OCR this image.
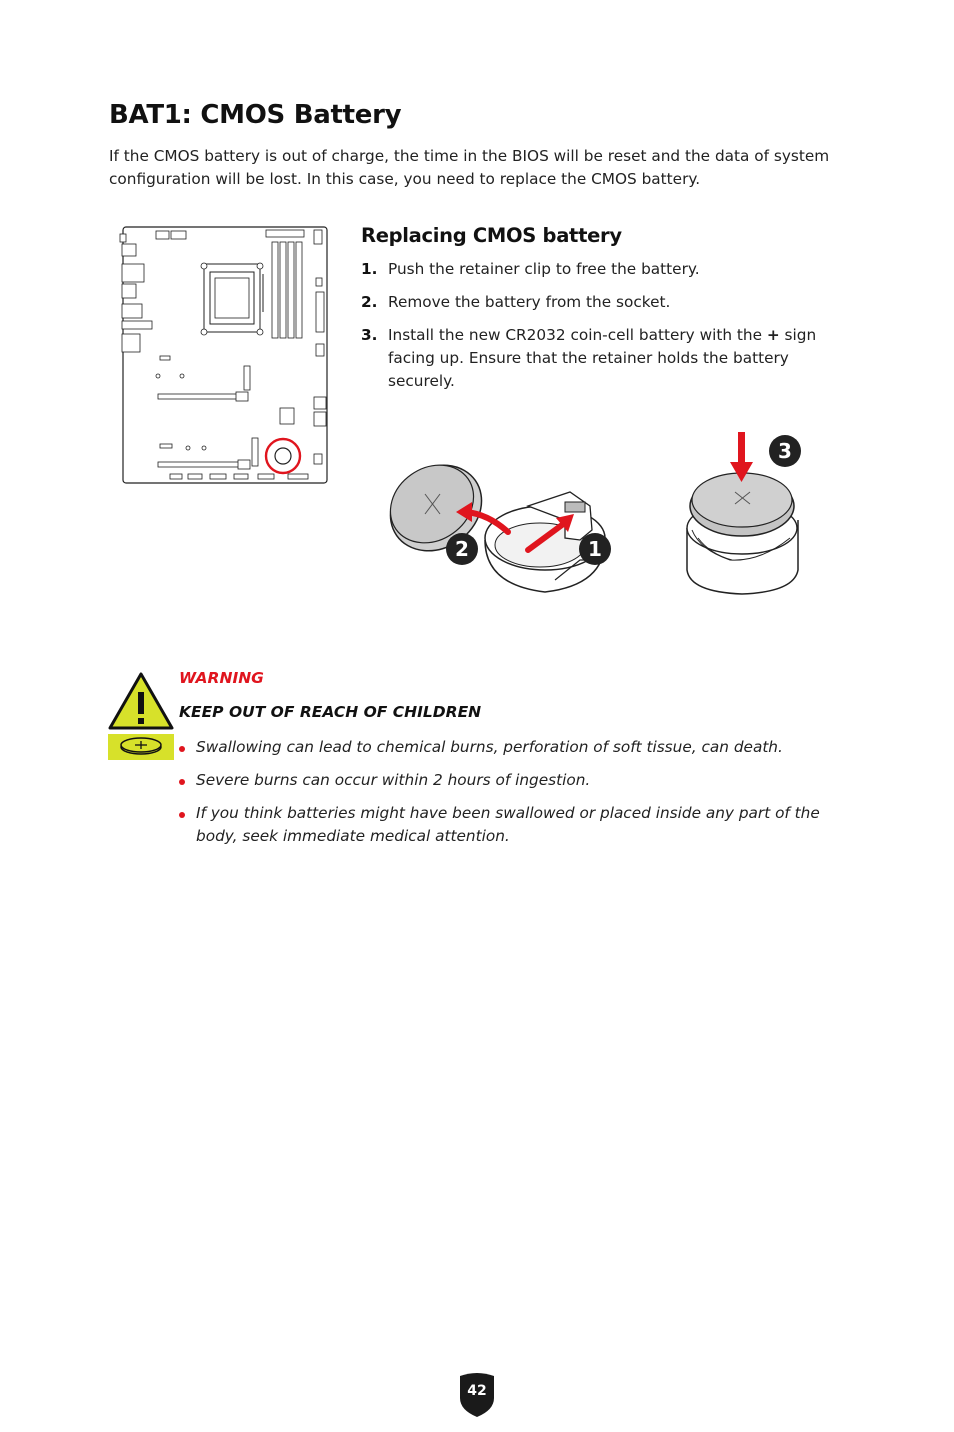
BAT1: CMOS Battery

If the CMOS battery is out of charge, the time in the BIOS will be reset and the data of system configuration will be lost. In this case, you need to replace the CMOS battery.

Replacing CMOS battery
1. Push the retainer clip to free the battery.
2. Remove the battery from the socket.
3. Install the new CR2032 coin-cell battery with the + sign facing up. Ensure that the retainer holds the battery securely.
2	1
3

WARNING

KEEP OUT OF REACH OF CHILDREN

Swallowing can lead to chemical burns, perforation of soft tissue, can death.
Severe burns can occur within 2 hours of ingestion.
If you think batteries might have been swallowed or placed inside any part of the body, seek immediate medical attention.
42
